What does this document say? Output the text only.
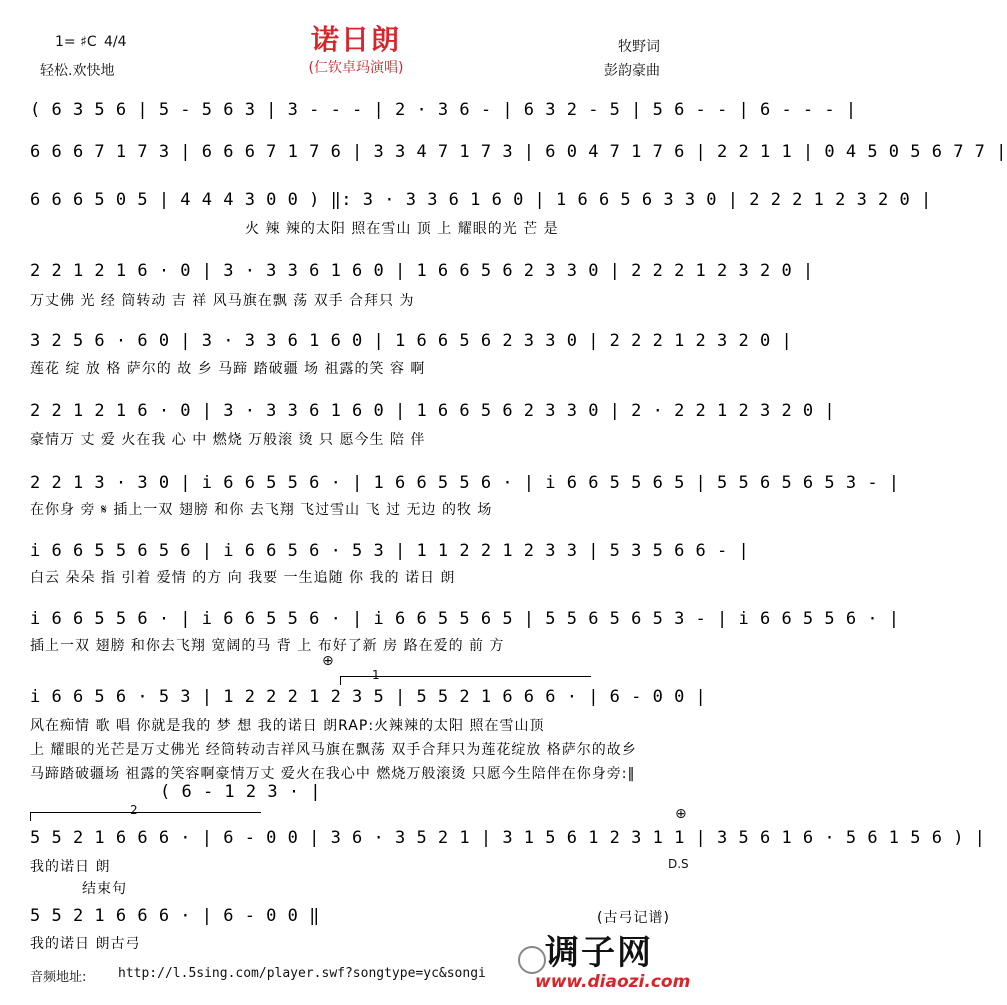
1= ♯C 4/4
轻松.欢快地
诺日朗
(仁钦卓玛演唱)
牧野词
彭韵豪曲
( 6 3 5 6 | 5 - 5 6 3 | 3 - - - | 2 · 3 6 - | 6 3 2 - 5 | 5 6 - - | 6 - - - |
6 6 6 7 1 7 3 | 6 6 6 7 1 7 6 | 3 3 4 7 1 7 3 | 6 0 4 7 1 7 6 | 2 2 1 1 | 0 4 5 0 5 6 7 7 |
6 6 6 5 0 5 | 4 4 4 3 0 0 ) ‖: 3 · 3 3 6 1 6 0 | 1 6 6 5 6 3 3 0 | 2 2 2 1 2 3 2 0 |
火 辣 辣的太阳 照在雪山 顶 上 耀眼的光 芒 是
2 2 1 2 1 6 · 0 | 3 · 3 3 6 1 6 0 | 1 6 6 5 6 2 3 3 0 | 2 2 2 1 2 3 2 0 |
万丈佛 光 经 筒转动 吉 祥 风马旗在飘 荡 双手 合拜只 为
3 2 5 6 · 6 0 | 3 · 3 3 6 1 6 0 | 1 6 6 5 6 2 3 3 0 | 2 2 2 1 2 3 2 0 |
莲花 绽 放 格 萨尔的 故 乡 马蹄 踏破疆 场 祖露的笑 容 啊
2 2 1 2 1 6 · 0 | 3 · 3 3 6 1 6 0 | 1 6 6 5 6 2 3 3 0 | 2 · 2 2 1 2 3 2 0 |
豪情万 丈 爱 火在我 心 中 燃烧 万般滚 烫 只 愿今生 陪 伴
2 2 1 3 · 3 0 | i 6 6 5 5 6 · | 1 6 6 5 5 6 · | i 6 6 5 5 6 5 | 5 5 6 5 6 5 3 - |
在你身 旁 𝄋 插上一双 翅膀 和你 去飞翔 飞过雪山 飞 过 无边 的牧 场
i 6 6 5 5 6 5 6 | i 6 6 5 6 · 5 3 | 1 1 2 2 1 2 3 3 | 5 3 5 6 6 - |
白云 朵朵 指 引着 爱情 的方 向 我要 一生追随 你 我的 诺日 朗
i 6 6 5 5 6 · | i 6 6 5 5 6 · | i 6 6 5 5 6 5 | 5 5 6 5 6 5 3 - | i 6 6 5 5 6 · |
插上一双 翅膀 和你去飞翔 宽阔的马 背 上 布好了新 房 路在爱的 前 方
⊕
1
i 6 6 5 6 · 5 3 | 1 2 2 2 1 2 3 5 | 5 5 2 1 6 6 6 · | 6 - 0 0 |
风在痴情 歌 唱 你就是我的 梦 想 我的诺日 朗RAP:火辣辣的太阳 照在雪山顶
上 耀眼的光芒是万丈佛光 经筒转动吉祥风马旗在飘荡 双手合拜只为莲花绽放 格萨尔的故乡
马蹄踏破疆场 祖露的笑容啊豪情万丈 爱火在我心中 燃烧万般滚烫 只愿今生陪伴在你身旁:‖
( 6 - 1 2 3 · |
2	⊕
5 5 2 1 6 6 6 · | 6 - 0 0 | 3 6 · 3 5 2 1 | 3 1 5 6 1 2 3 1 1 | 3 5 6 1 6 · 5 6 1 5 6 ) |
我的诺日 朗	D.S
结束句
5 5 2 1 6 6 6 · | 6 - 0 0 ‖
我的诺日 朗古弓
(古弓记谱)
音频地址: http://l.5sing.com/player.swf?songtype=yc&songi
调子网
www.diaozi.com
